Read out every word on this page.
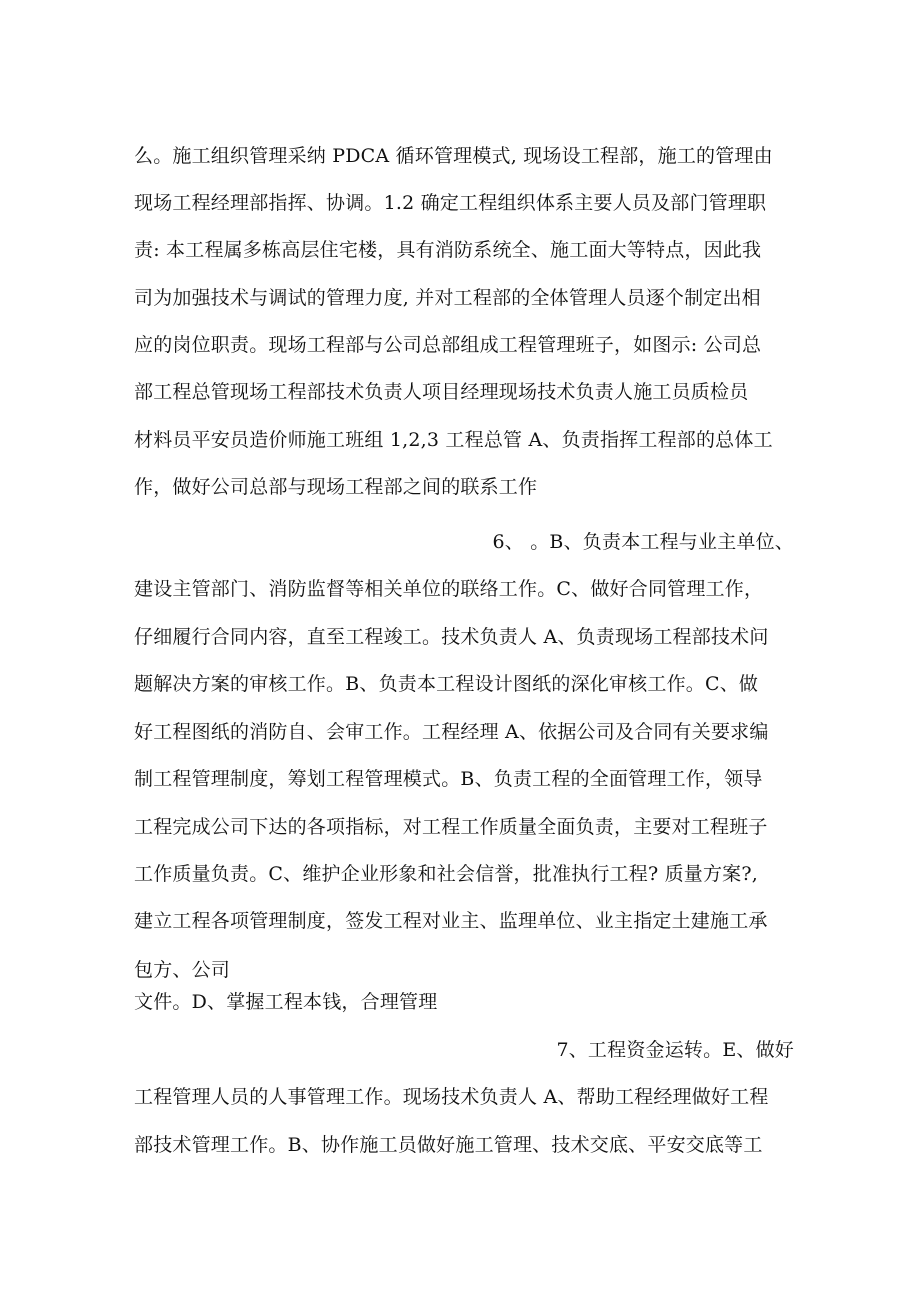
么。施工组织管理采纳 PDCA 循环管理模式, 现场设工程部，施工的管理由
现场工程经理部指挥、协调。1.2 确定工程组织体系主要人员及部门管理职
责: 本工程属多栋高层住宅楼，具有消防系统全、施工面大等特点，因此我
司为加强技术与调试的管理力度, 并对工程部的全体管理人员逐个制定出相
应的岗位职责。现场工程部与公司总部组成工程管理班子，如图示: 公司总
部工程总管现场工程部技术负责人项目经理现场技术负责人施工员质检员
材料员平安员造价师施工班组 1,2,3 工程总管 A、负责指挥工程部的总体工
作，做好公司总部与现场工程部之间的联系工作
6、 。B、负责本工程与业主单位、
建设主管部门、消防监督等相关单位的联络工作。C、做好合同管理工作，
仔细履行合同内容，直至工程竣工。技术负责人 A、负责现场工程部技术问
题解决方案的审核工作。B、负责本工程设计图纸的深化审核工作。C、做
好工程图纸的消防自、会审工作。工程经理 A、依据公司及合同有关要求编
制工程管理制度，筹划工程管理模式。B、负责工程的全面管理工作，领导
工程完成公司下达的各项指标，对工程工作质量全面负责，主要对工程班子
工作质量负责。C、维护企业形象和社会信誉，批准执行工程? 质量方案?,
建立工程各项管理制度，签发工程对业主、监理单位、业主指定土建施工承
包方、公司
文件。D、掌握工程本钱，合理管理
7、工程资金运转。E、做好
工程管理人员的人事管理工作。现场技术负责人 A、帮助工程经理做好工程
部技术管理工作。B、协作施工员做好施工管理、技术交底、平安交底等工
